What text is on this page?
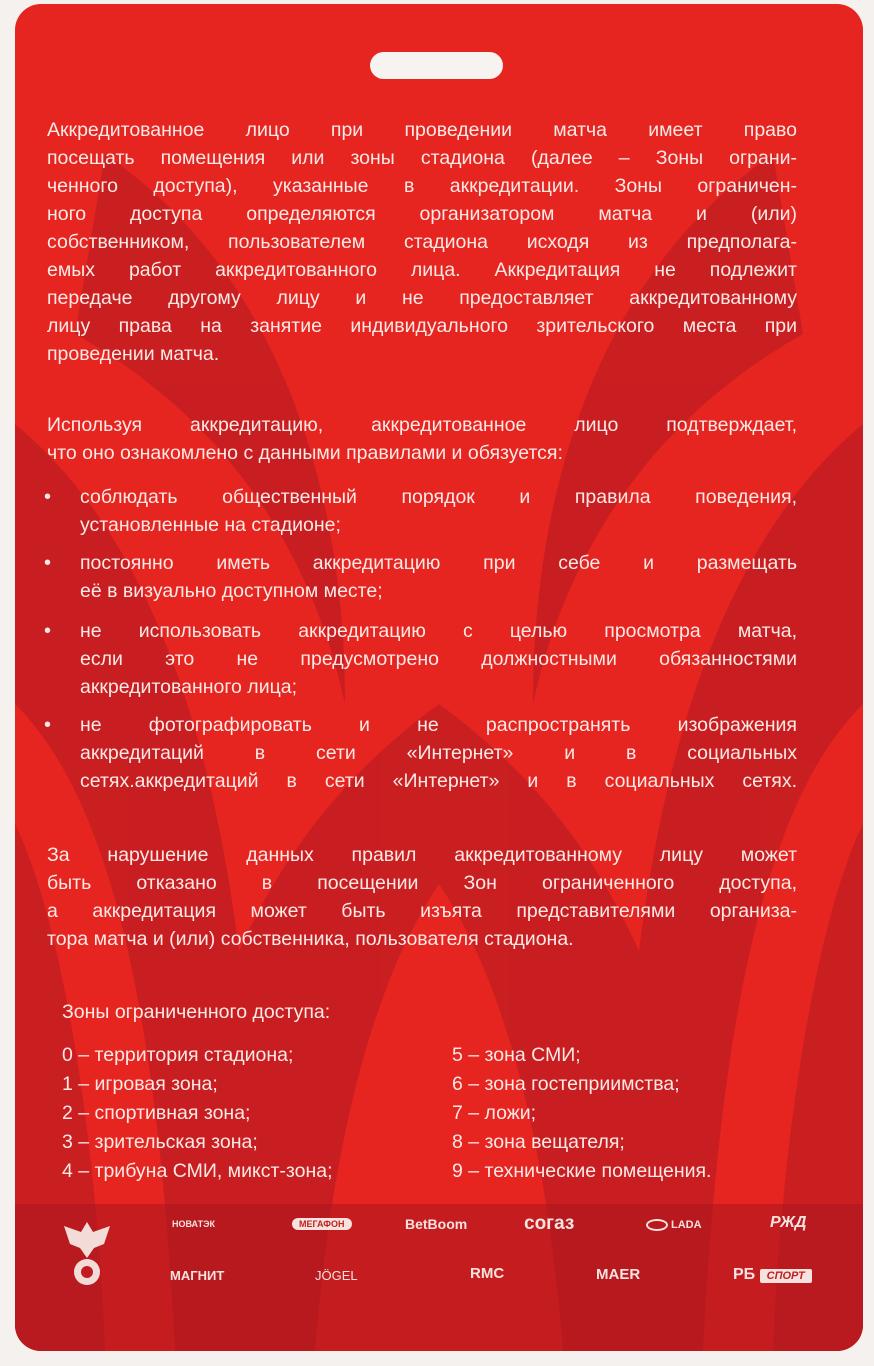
Аккредитованное лицо при проведении матча имеет право
посещать помещения или зоны стадиона (далее – Зоны ограни-
ченного доступа), указанные в аккредитации. Зоны ограничен-
ного доступа определяются организатором матча и (или)
собственником, пользователем стадиона исходя из предполага-
емых работ аккредитованного лица. Аккредитация не подлежит
передаче другому лицу и не предоставляет аккредитованному
лицу права на занятие индивидуального зрительского места при
проведении матча.
Используя аккредитацию, аккредитованное лицо подтверждает,
что оно ознакомлено с данными правилами и обязуется:
• соблюдать общественный порядок и правила поведения,
установленные на стадионе;
• постоянно иметь аккредитацию при себе и размещать
её в визуально доступном месте;
• не использовать аккредитацию с целью просмотра матча,
если это не предусмотрено должностными обязанностями
аккредитованного лица;
• не фотографировать и не распространять изображения
аккредитаций в сети «Интернет» и в социальных
сетях.аккредитаций в сети «Интернет» и в социальных сетях.
За нарушение данных правил аккредитованному лицу может
быть отказано в посещении Зон ограниченного доступа,
а аккредитация может быть изъята представителями организа-
тора матча и (или) собственника, пользователя стадиона.
Зоны ограниченного доступа:
0 – территория стадиона;
1 – игровая зона;
2 – спортивная зона;
3 – зрительская зона;
4 – трибуна СМИ, микст-зона;
5 – зона СМИ;
6 – зона гостеприимства;
7 – ложи;
8 – зона вещателя;
9 – технические помещения.
НОВАТЭК	МЕГАФОН	BetBoom	согаз	LADA	РЖД
МАГНИТ	JÖGEL	RMC	MAER	РБ СПОРТ
